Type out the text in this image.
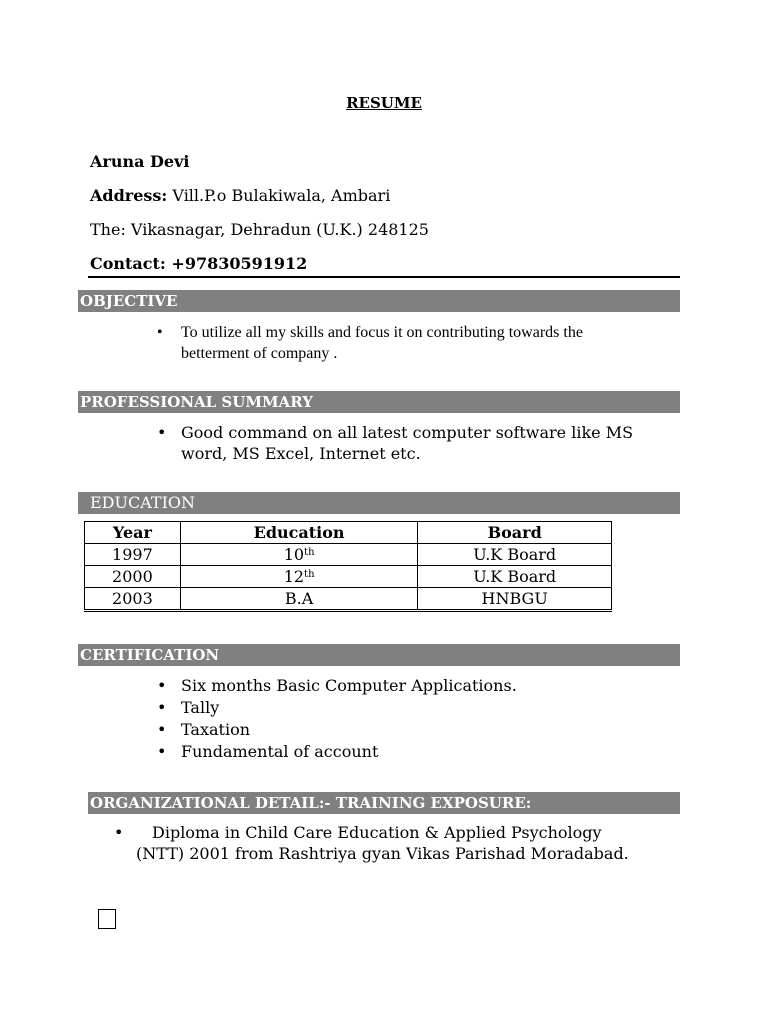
RESUME
Aruna Devi
Address: Vill.P.o Bulakiwala, Ambari
The: Vikasnagar, Dehradun (U.K.) 248125
Contact: +97830591912
OBJECTIVE
• To utilize all my skills and focus it on contributing towards the betterment of company .
PROFESSIONAL SUMMARY
• Good command on all latest computer software like MS word, MS Excel, Internet etc.
EDUCATION
Year	Education	Board
1997	10th	U.K Board
2000	12th	U.K Board
2003	B.A	HNBGU
CERTIFICATION
• Six months Basic Computer Applications.
• Tally
• Taxation
• Fundamental of account
ORGANIZATIONAL DETAIL:- TRAINING EXPOSURE:
• Diploma in Child Care Education & Applied Psychology
(NTT) 2001 from Rashtriya gyan Vikas Parishad Moradabad.
